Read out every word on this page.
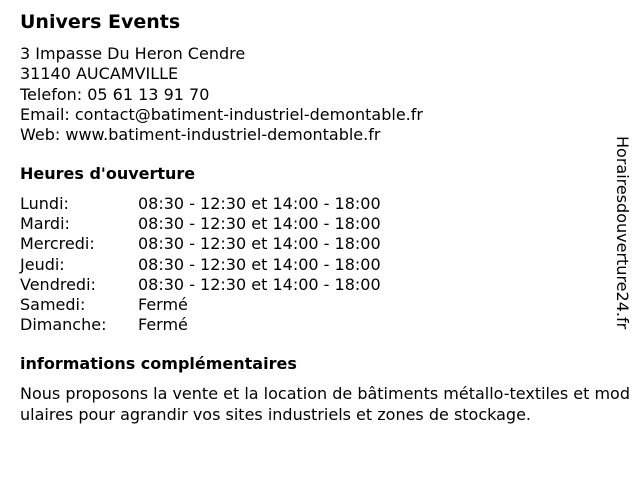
Univers Events
3 Impasse Du Heron Cendre
31140 AUCAMVILLE
Telefon: 05 61 13 91 70
Email: contact@batiment-industriel-demontable.fr
Web: www.batiment-industriel-demontable.fr
Heures d'ouverture
Lundi:	08:30 - 12:30 et 14:00 - 18:00
Mardi:	08:30 - 12:30 et 14:00 - 18:00
Mercredi:	08:30 - 12:30 et 14:00 - 18:00
Jeudi:	08:30 - 12:30 et 14:00 - 18:00
Vendredi:	08:30 - 12:30 et 14:00 - 18:00
Samedi:	Fermé
Dimanche: Fermé
informations complémentaires
Nous proposons la vente et la location de bâtiments métallo-textiles et modulaires pour agrandir vos sites industriels et zones de stockage.
Horairesdouverture24.fr
